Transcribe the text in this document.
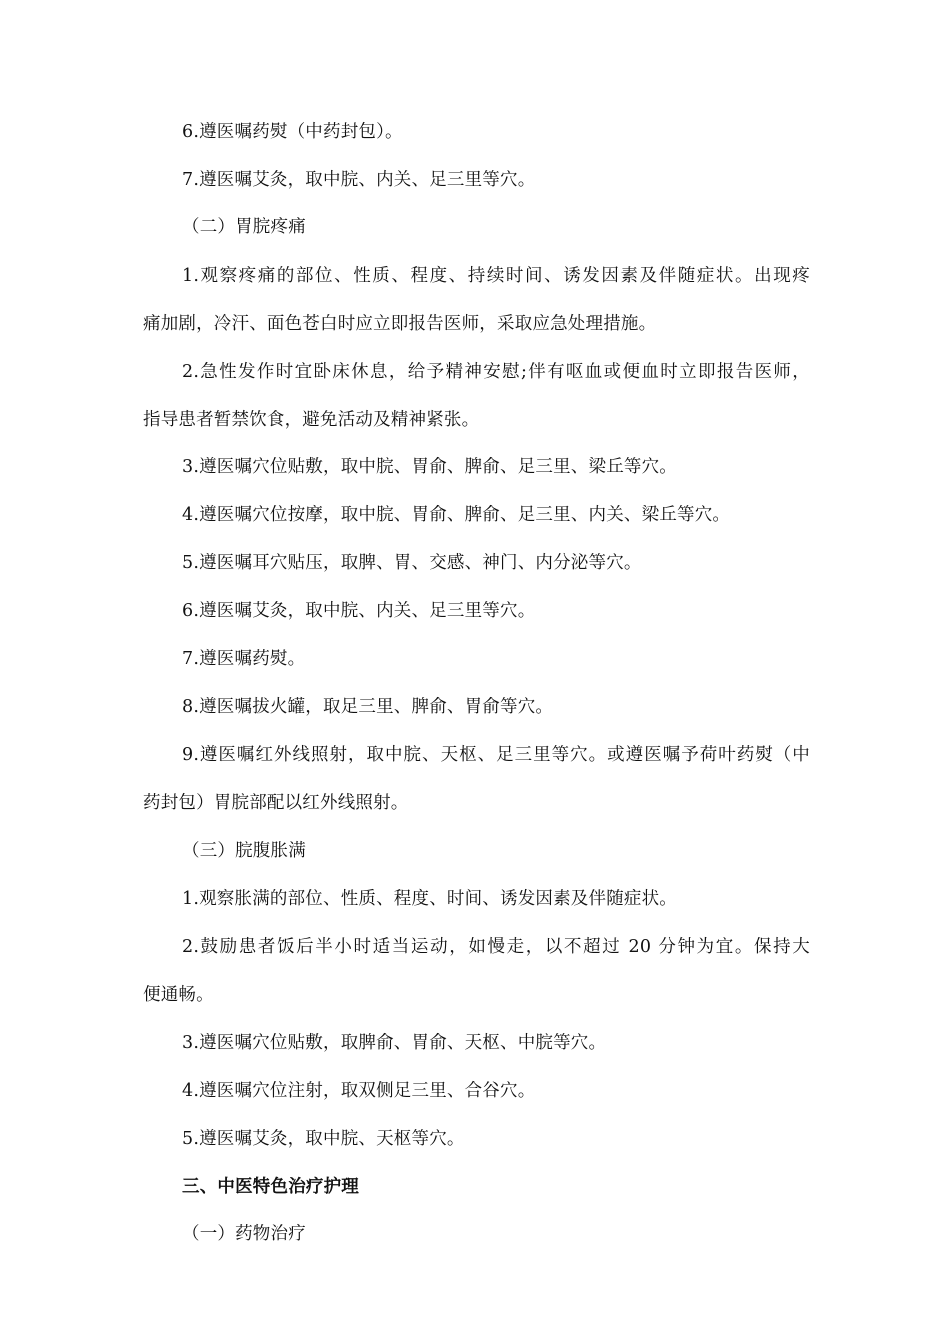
6.遵医嘱药熨（中药封包）。
7.遵医嘱艾灸，取中脘、内关、足三里等穴。
（二）胃脘疼痛
1.观察疼痛的部位、性质、程度、持续时间、诱发因素及伴随症状。出现疼
痛加剧，冷汗、面色苍白时应立即报告医师，采取应急处理措施。
2.急性发作时宜卧床休息，给予精神安慰;伴有呕血或便血时立即报告医师，
指导患者暂禁饮食，避免活动及精神紧张。
3.遵医嘱穴位贴敷，取中脘、胃俞、脾俞、足三里、梁丘等穴。
4.遵医嘱穴位按摩，取中脘、胃俞、脾俞、足三里、内关、梁丘等穴。
5.遵医嘱耳穴贴压，取脾、胃、交感、神门、内分泌等穴。
6.遵医嘱艾灸，取中脘、内关、足三里等穴。
7.遵医嘱药熨。
8.遵医嘱拔火罐，取足三里、脾俞、胃俞等穴。
9.遵医嘱红外线照射，取中脘、天枢、足三里等穴。或遵医嘱予荷叶药熨（中
药封包）胃脘部配以红外线照射。
（三）脘腹胀满
1.观察胀满的部位、性质、程度、时间、诱发因素及伴随症状。
2.鼓励患者饭后半小时适当运动，如慢走，以不超过 20 分钟为宜。保持大
便通畅。
3.遵医嘱穴位贴敷，取脾俞、胃俞、天枢、中脘等穴。
4.遵医嘱穴位注射，取双侧足三里、合谷穴。
5.遵医嘱艾灸，取中脘、天枢等穴。
三、中医特色治疗护理
（一）药物治疗
